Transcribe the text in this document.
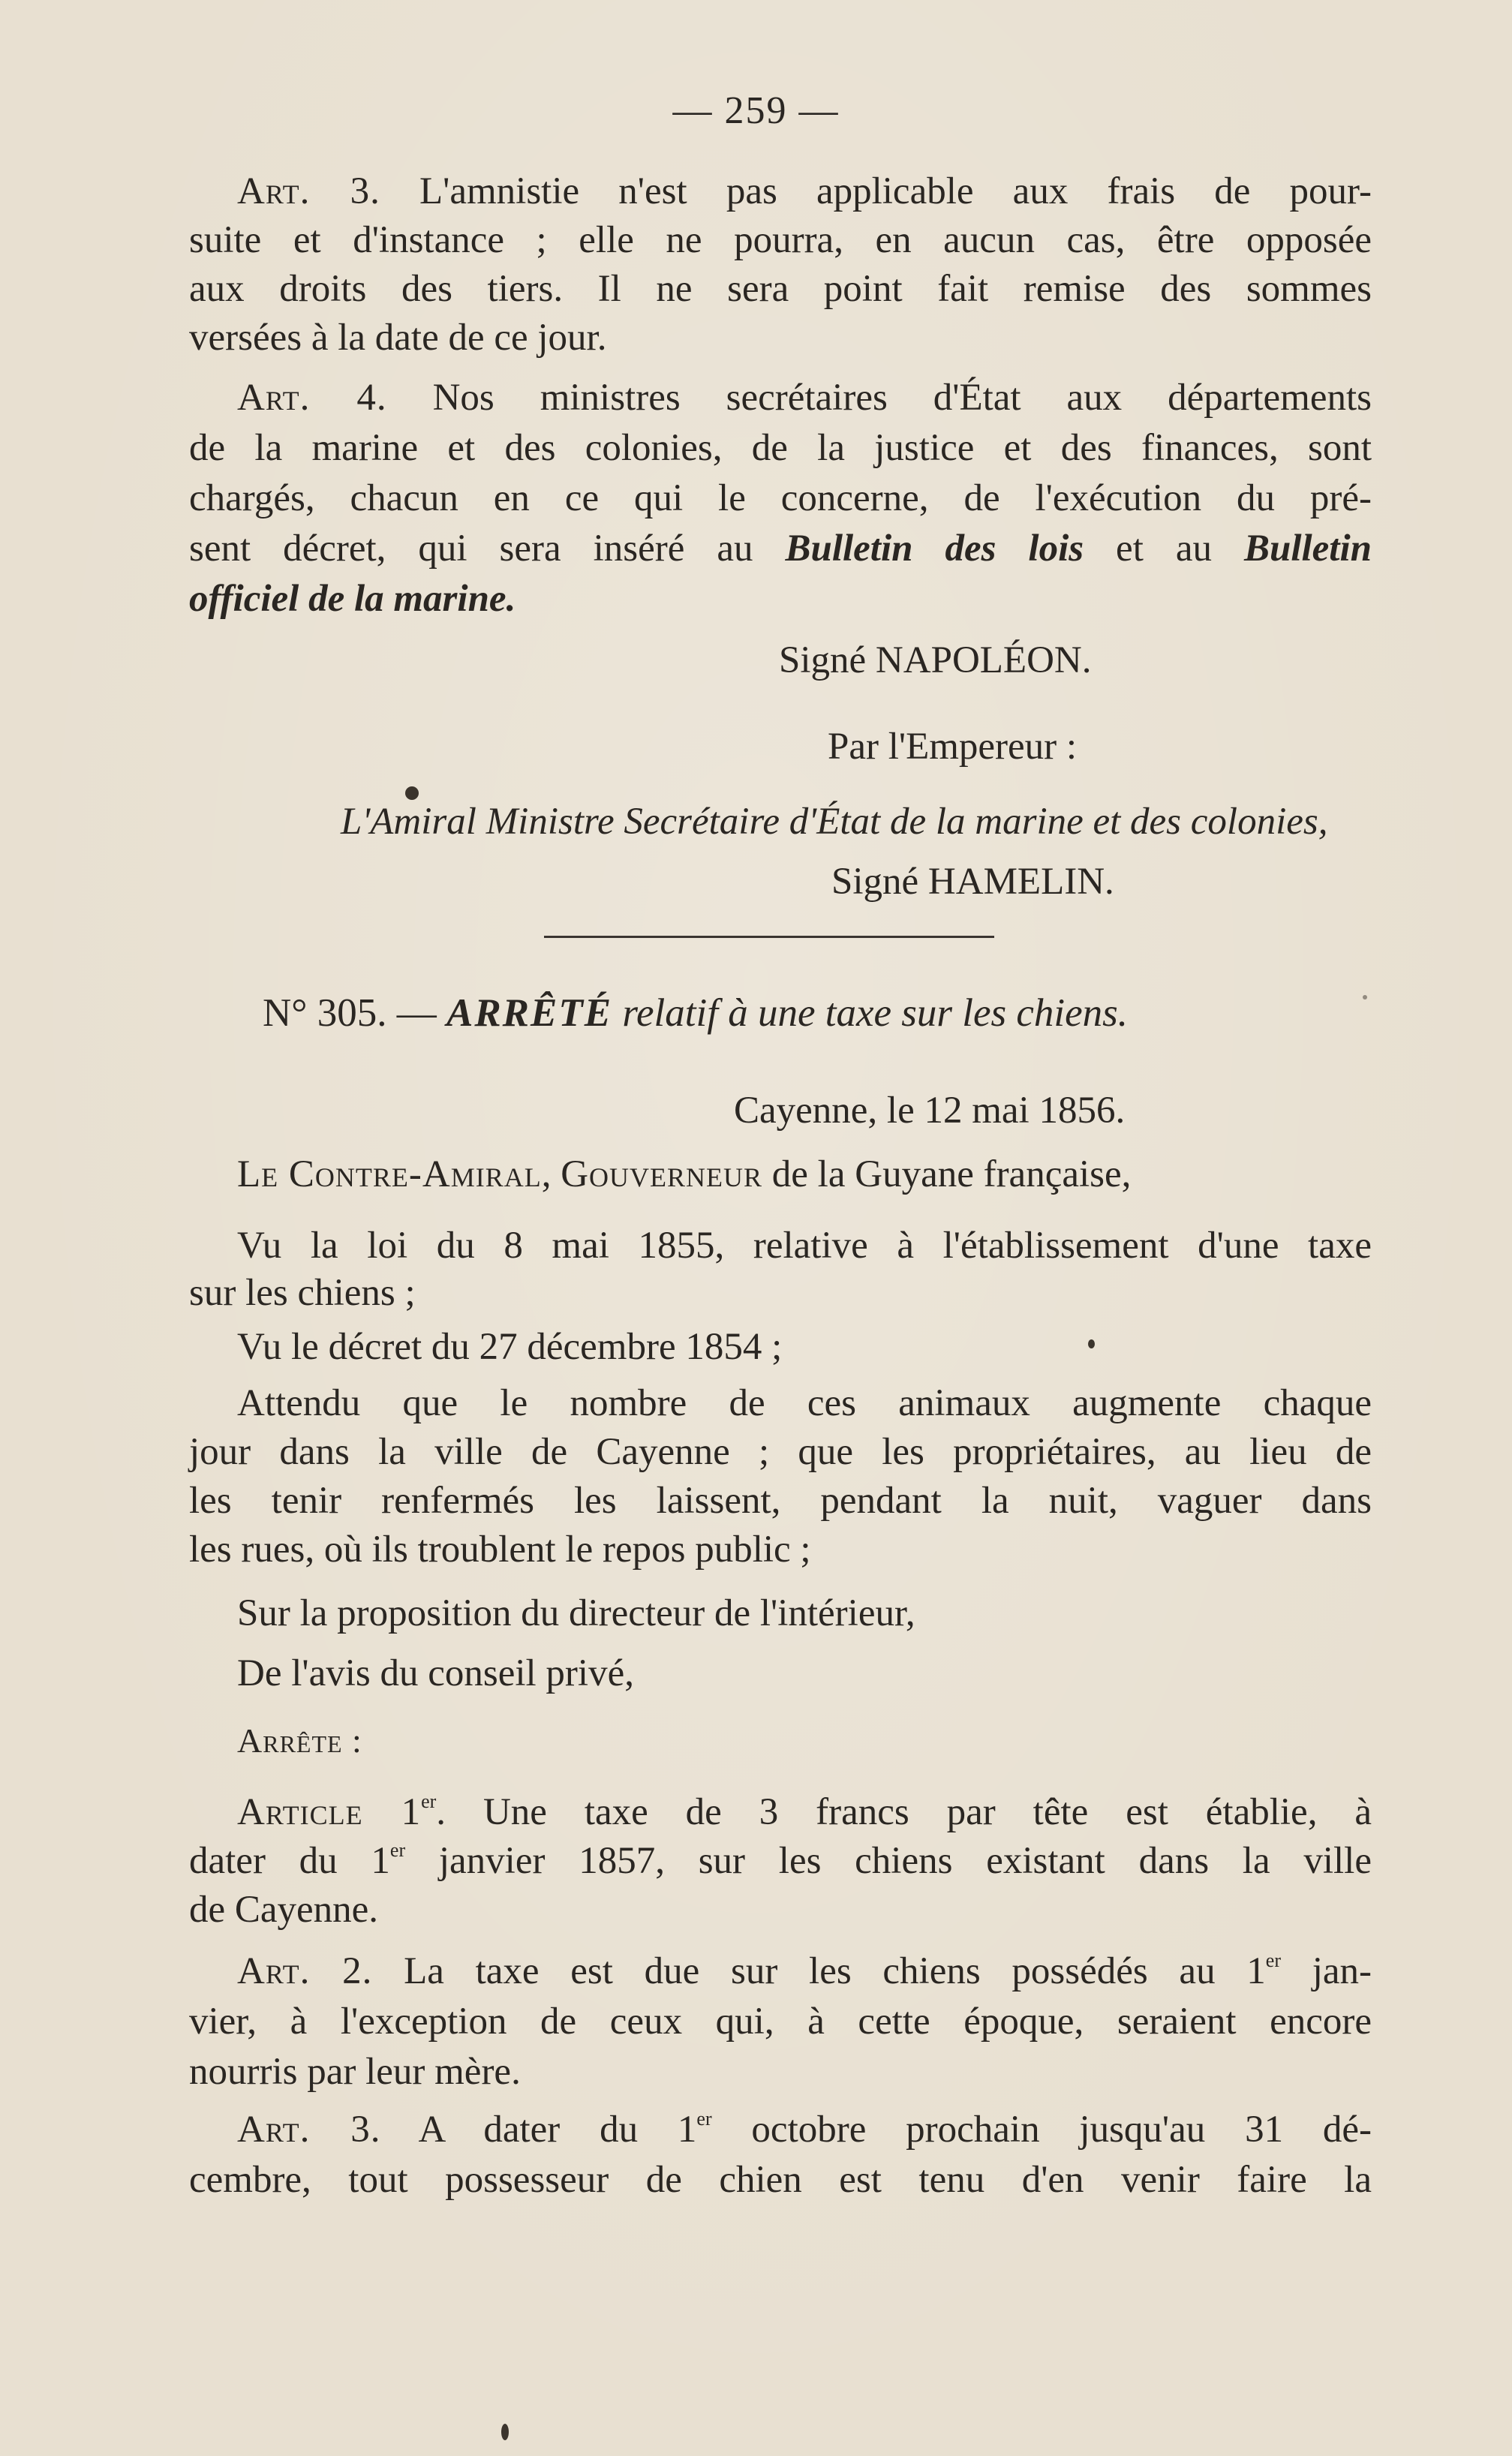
— 259 —
Art. 3. L'amnistie n'est pas applicable aux frais de pour-
suite et d'instance ; elle ne pourra, en aucun cas, être opposée
aux droits des tiers. Il ne sera point fait remise des sommes
versées à la date de ce jour.
Art. 4. Nos ministres secrétaires d'État aux départements
de la marine et des colonies, de la justice et des finances, sont
chargés, chacun en ce qui le concerne, de l'exécution du pré-
sent décret, qui sera inséré au Bulletin des lois et au Bulletin
officiel de la marine.
Signé NAPOLÉON.
Par l'Empereur :
L'Amiral Ministre Secrétaire d'État de la marine et des colonies,
Signé HAMELIN.
N° 305. — ARRÊTÉ relatif à une taxe sur les chiens.
Cayenne, le 12 mai 1856.
Le Contre-Amiral, Gouverneur de la Guyane française,
Vu la loi du 8 mai 1855, relative à l'établissement d'une taxe
sur les chiens ;
Vu le décret du 27 décembre 1854 ;
Attendu que le nombre de ces animaux augmente chaque
jour dans la ville de Cayenne ; que les propriétaires, au lieu de
les tenir renfermés les laissent, pendant la nuit, vaguer dans
les rues, où ils troublent le repos public ;
Sur la proposition du directeur de l'intérieur,
De l'avis du conseil privé,
Arrête :
Article 1er. Une taxe de 3 francs par tête est établie, à
dater du 1er janvier 1857, sur les chiens existant dans la ville
de Cayenne.
Art. 2. La taxe est due sur les chiens possédés au 1er jan-
vier, à l'exception de ceux qui, à cette époque, seraient encore
nourris par leur mère.
Art. 3. A dater du 1er octobre prochain jusqu'au 31 dé-
cembre, tout possesseur de chien est tenu d'en venir faire la
